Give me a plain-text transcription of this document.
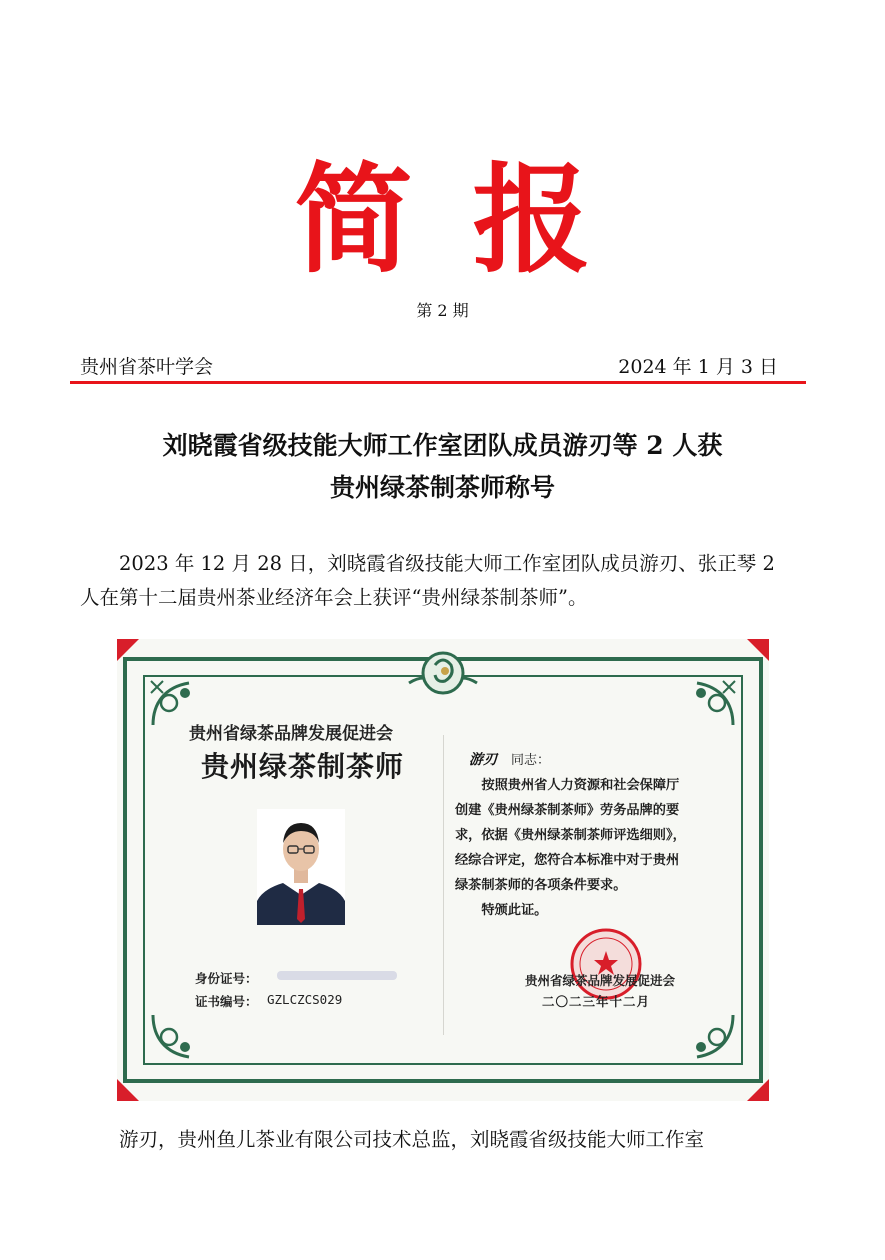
简报
第 2 期
贵州省茶叶学会	2024 年 1 月 3 日
刘晓霞省级技能大师工作室团队成员游刃等 2 人获
贵州绿茶制茶师称号
2023 年 12 月 28 日，刘晓霞省级技能大师工作室团队成员游刃、张正琴 2 人在第十二届贵州茶业经济年会上获评“贵州绿茶制茶师”。
贵州省绿茶品牌发展促进会
贵州绿茶制茶师
身份证号：
证书编号： GZLCZCS029
游刃 同志：
按照贵州省人力资源和社会保障厅
创建《贵州绿茶制茶师》劳务品牌的要
求，依据《贵州绿茶制茶师评选细则》，
经综合评定，您符合本标准中对于贵州
绿茶制茶师的各项条件要求。
特颁此证。
贵州省绿茶品牌发展促进会
二〇二三年十二月
游刃，贵州鱼儿茶业有限公司技术总监，刘晓霞省级技能大师工作室
